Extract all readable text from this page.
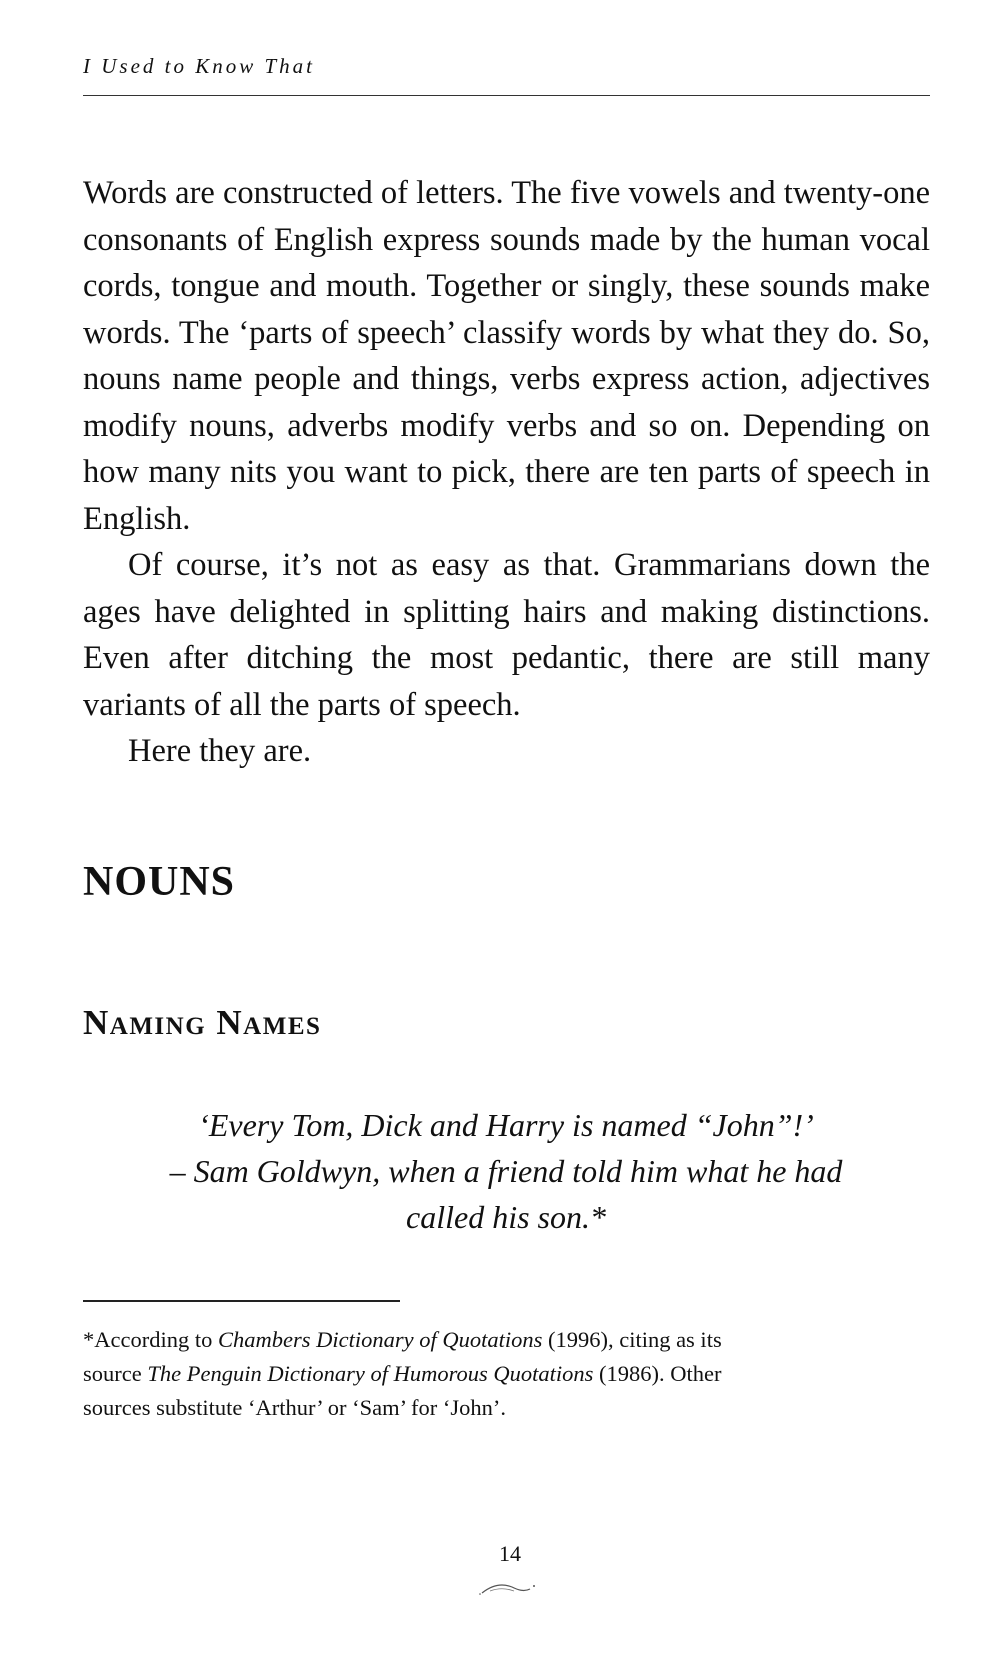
I Used to Know That

Words are constructed of letters. The five vowels and twenty-one consonants of English express sounds made by the human vocal cords, tongue and mouth. Together or singly, these sounds make words. The ‘parts of speech’ classify words by what they do. So, nouns name people and things, verbs express action, adjectives modify nouns, adverbs modify verbs and so on. Depending on how many nits you want to pick, there are ten parts of speech in English.

Of course, it’s not as easy as that. Grammarians down the ages have delighted in splitting hairs and making distinctions. Even after ditching the most pedantic, there are still many variants of all the parts of speech.

Here they are.

NOUNS
Naming Names
‘Every Tom, Dick and Harry is named “John”!’
– Sam Goldwyn, when a friend told him what he had
called his son.*
*According to Chambers Dictionary of Quotations (1996), citing as its
source The Penguin Dictionary of Humorous Quotations (1986). Other
sources substitute ‘Arthur’ or ‘Sam’ for ‘John’.
14
